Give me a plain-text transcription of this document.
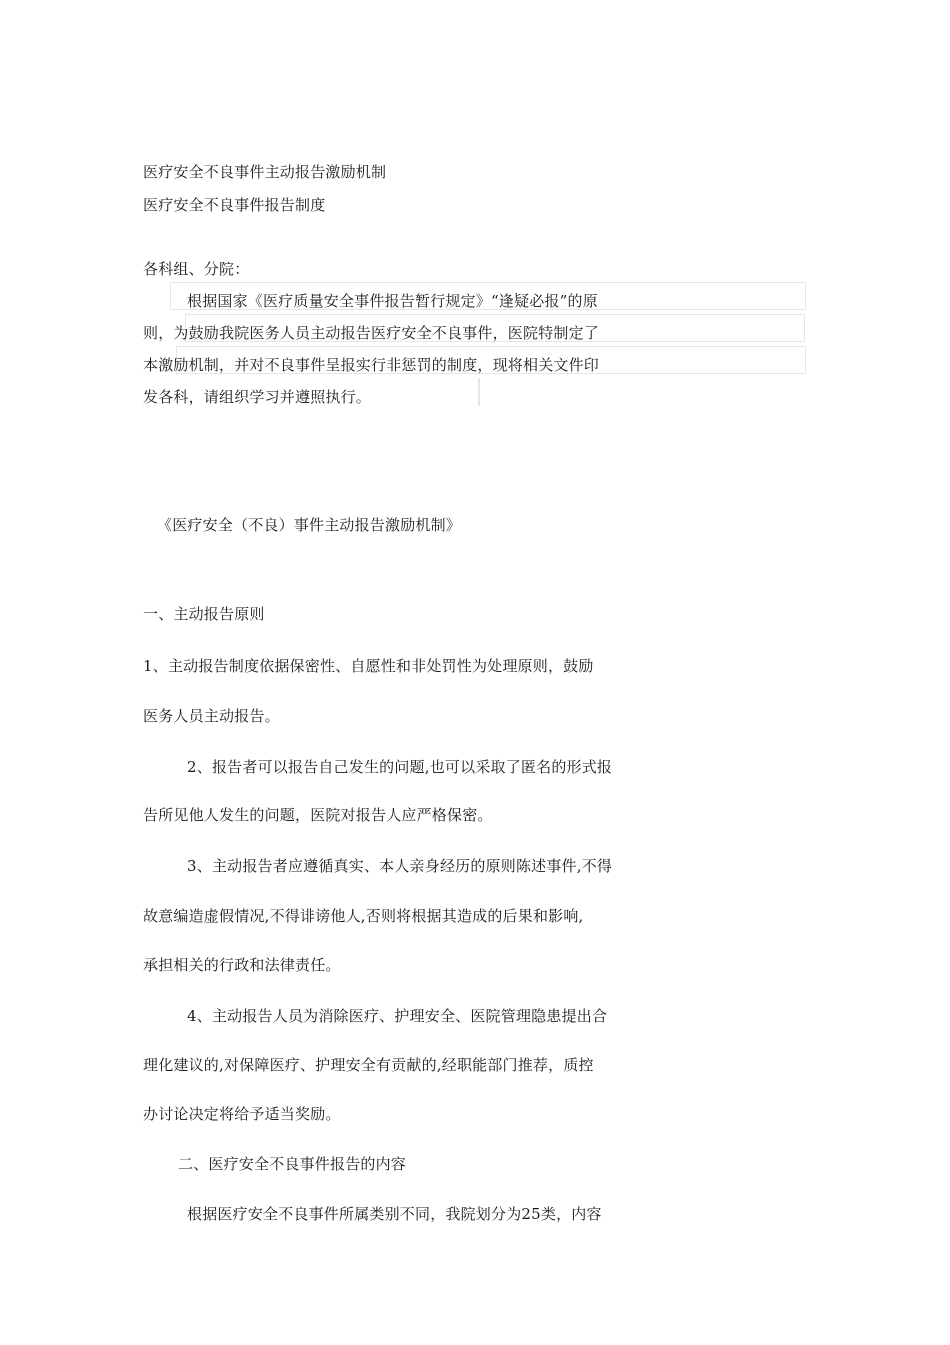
医疗安全不良事件主动报告激励机制
医疗安全不良事件报告制度
各科组、分院：
根据国家《医疗质量安全事件报告暂行规定》“逢疑必报”的原
则，为鼓励我院医务人员主动报告医疗安全不良事件，医院特制定了
本激励机制，并对不良事件呈报实行非惩罚的制度，现将相关文件印
发各科，请组织学习并遵照执行。
《医疗安全（不良）事件主动报告激励机制》
一、主动报告原则
1、主动报告制度依据保密性、自愿性和非处罚性为处理原则，鼓励
医务人员主动报告。
2、报告者可以报告自己发生的问题,也可以采取了匿名的形式报
告所见他人发生的问题，医院对报告人应严格保密。
3、主动报告者应遵循真实、本人亲身经历的原则陈述事件,不得
故意编造虚假情况,不得诽谤他人,否则将根据其造成的后果和影响,
承担相关的行政和法律责任。
4、主动报告人员为消除医疗、护理安全、医院管理隐患提出合
理化建议的,对保障医疗、护理安全有贡献的,经职能部门推荐，质控
办讨论决定将给予适当奖励。
二、医疗安全不良事件报告的内容
根据医疗安全不良事件所属类别不同，我院划分为25类，内容
